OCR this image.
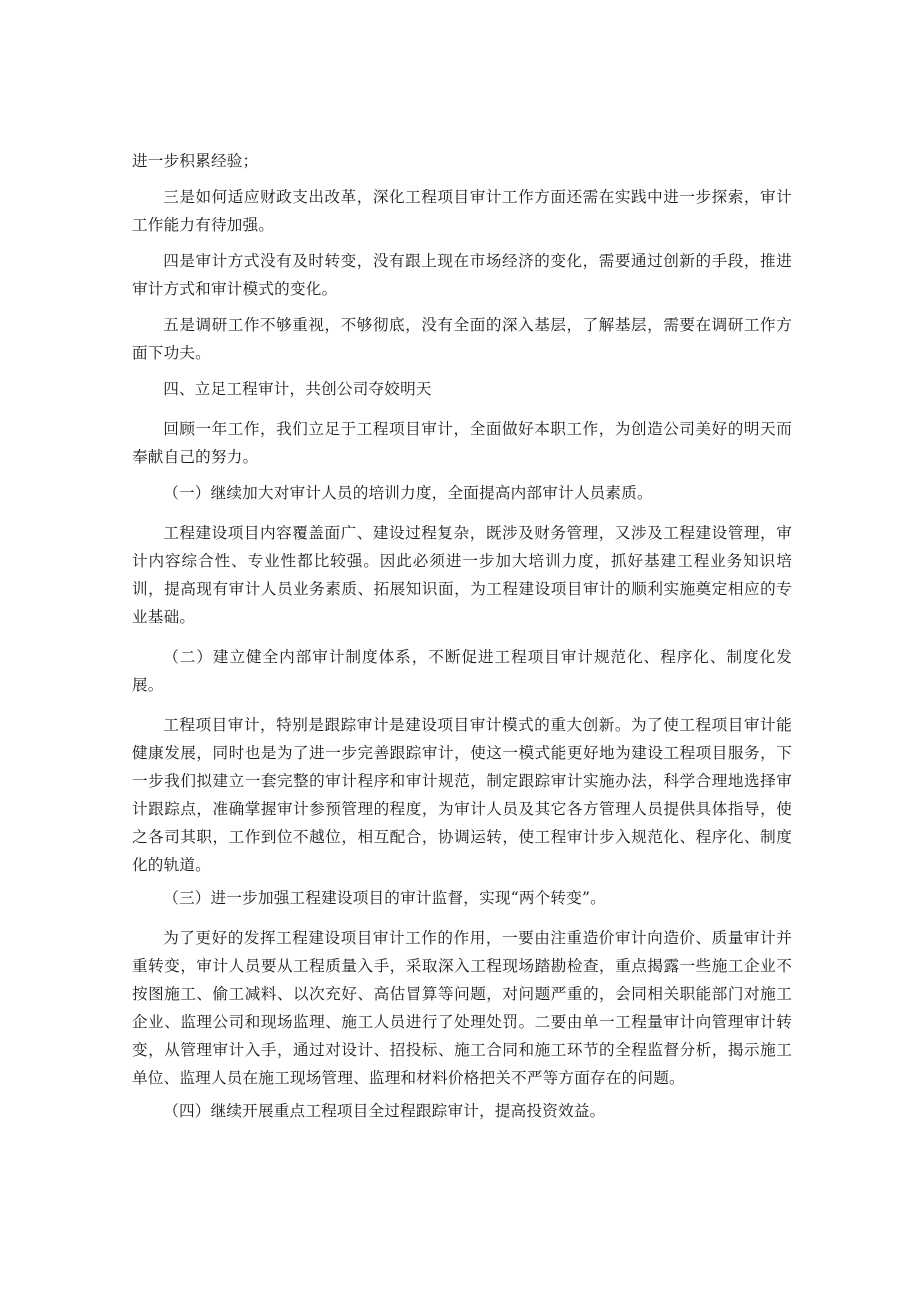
进一步积累经验；

三是如何适应财政支出改革，深化工程项目审计工作方面还需在实践中进一步探索，审计工作能力有待加强。

四是审计方式没有及时转变，没有跟上现在市场经济的变化，需要通过创新的手段，推进审计方式和审计模式的变化。

五是调研工作不够重视，不够彻底，没有全面的深入基层，了解基层，需要在调研工作方面下功夫。

四、立足工程审计，共创公司夺姣明天

回顾一年工作，我们立足于工程项目审计，全面做好本职工作，为创造公司美好的明天而奉献自己的努力。

（一）继续加大对审计人员的培训力度，全面提高内部审计人员素质。

工程建设项目内容覆盖面广、建设过程复杂，既涉及财务管理，又涉及工程建设管理，审计内容综合性、专业性都比较强。因此必须进一步加大培训力度，抓好基建工程业务知识培训，提高现有审计人员业务素质、拓展知识面，为工程建设项目审计的顺利实施奠定相应的专业基础。

（二）建立健全内部审计制度体系，不断促进工程项目审计规范化、程序化、制度化发展。

工程项目审计，特别是跟踪审计是建设项目审计模式的重大创新。为了使工程项目审计能健康发展，同时也是为了进一步完善跟踪审计，使这一模式能更好地为建设工程项目服务，下一步我们拟建立一套完整的审计程序和审计规范，制定跟踪审计实施办法，科学合理地选择审计跟踪点，准确掌握审计参预管理的程度，为审计人员及其它各方管理人员提供具体指导，使之各司其职，工作到位不越位，相互配合，协调运转，使工程审计步入规范化、程序化、制度化的轨道。

（三）进一步加强工程建设项目的审计监督，实现“两个转变”。

为了更好的发挥工程建设项目审计工作的作用，一要由注重造价审计向造价、质量审计并重转变，审计人员要从工程质量入手，采取深入工程现场踏勘检查，重点揭露一些施工企业不按图施工、偷工减料、以次充好、高估冒算等问题，对问题严重的，会同相关职能部门对施工企业、监理公司和现场监理、施工人员进行了处理处罚。二要由单一工程量审计向管理审计转变，从管理审计入手，通过对设计、招投标、施工合同和施工环节的全程监督分析，揭示施工单位、监理人员在施工现场管理、监理和材料价格把关不严等方面存在的问题。

（四）继续开展重点工程项目全过程跟踪审计，提高投资效益。
